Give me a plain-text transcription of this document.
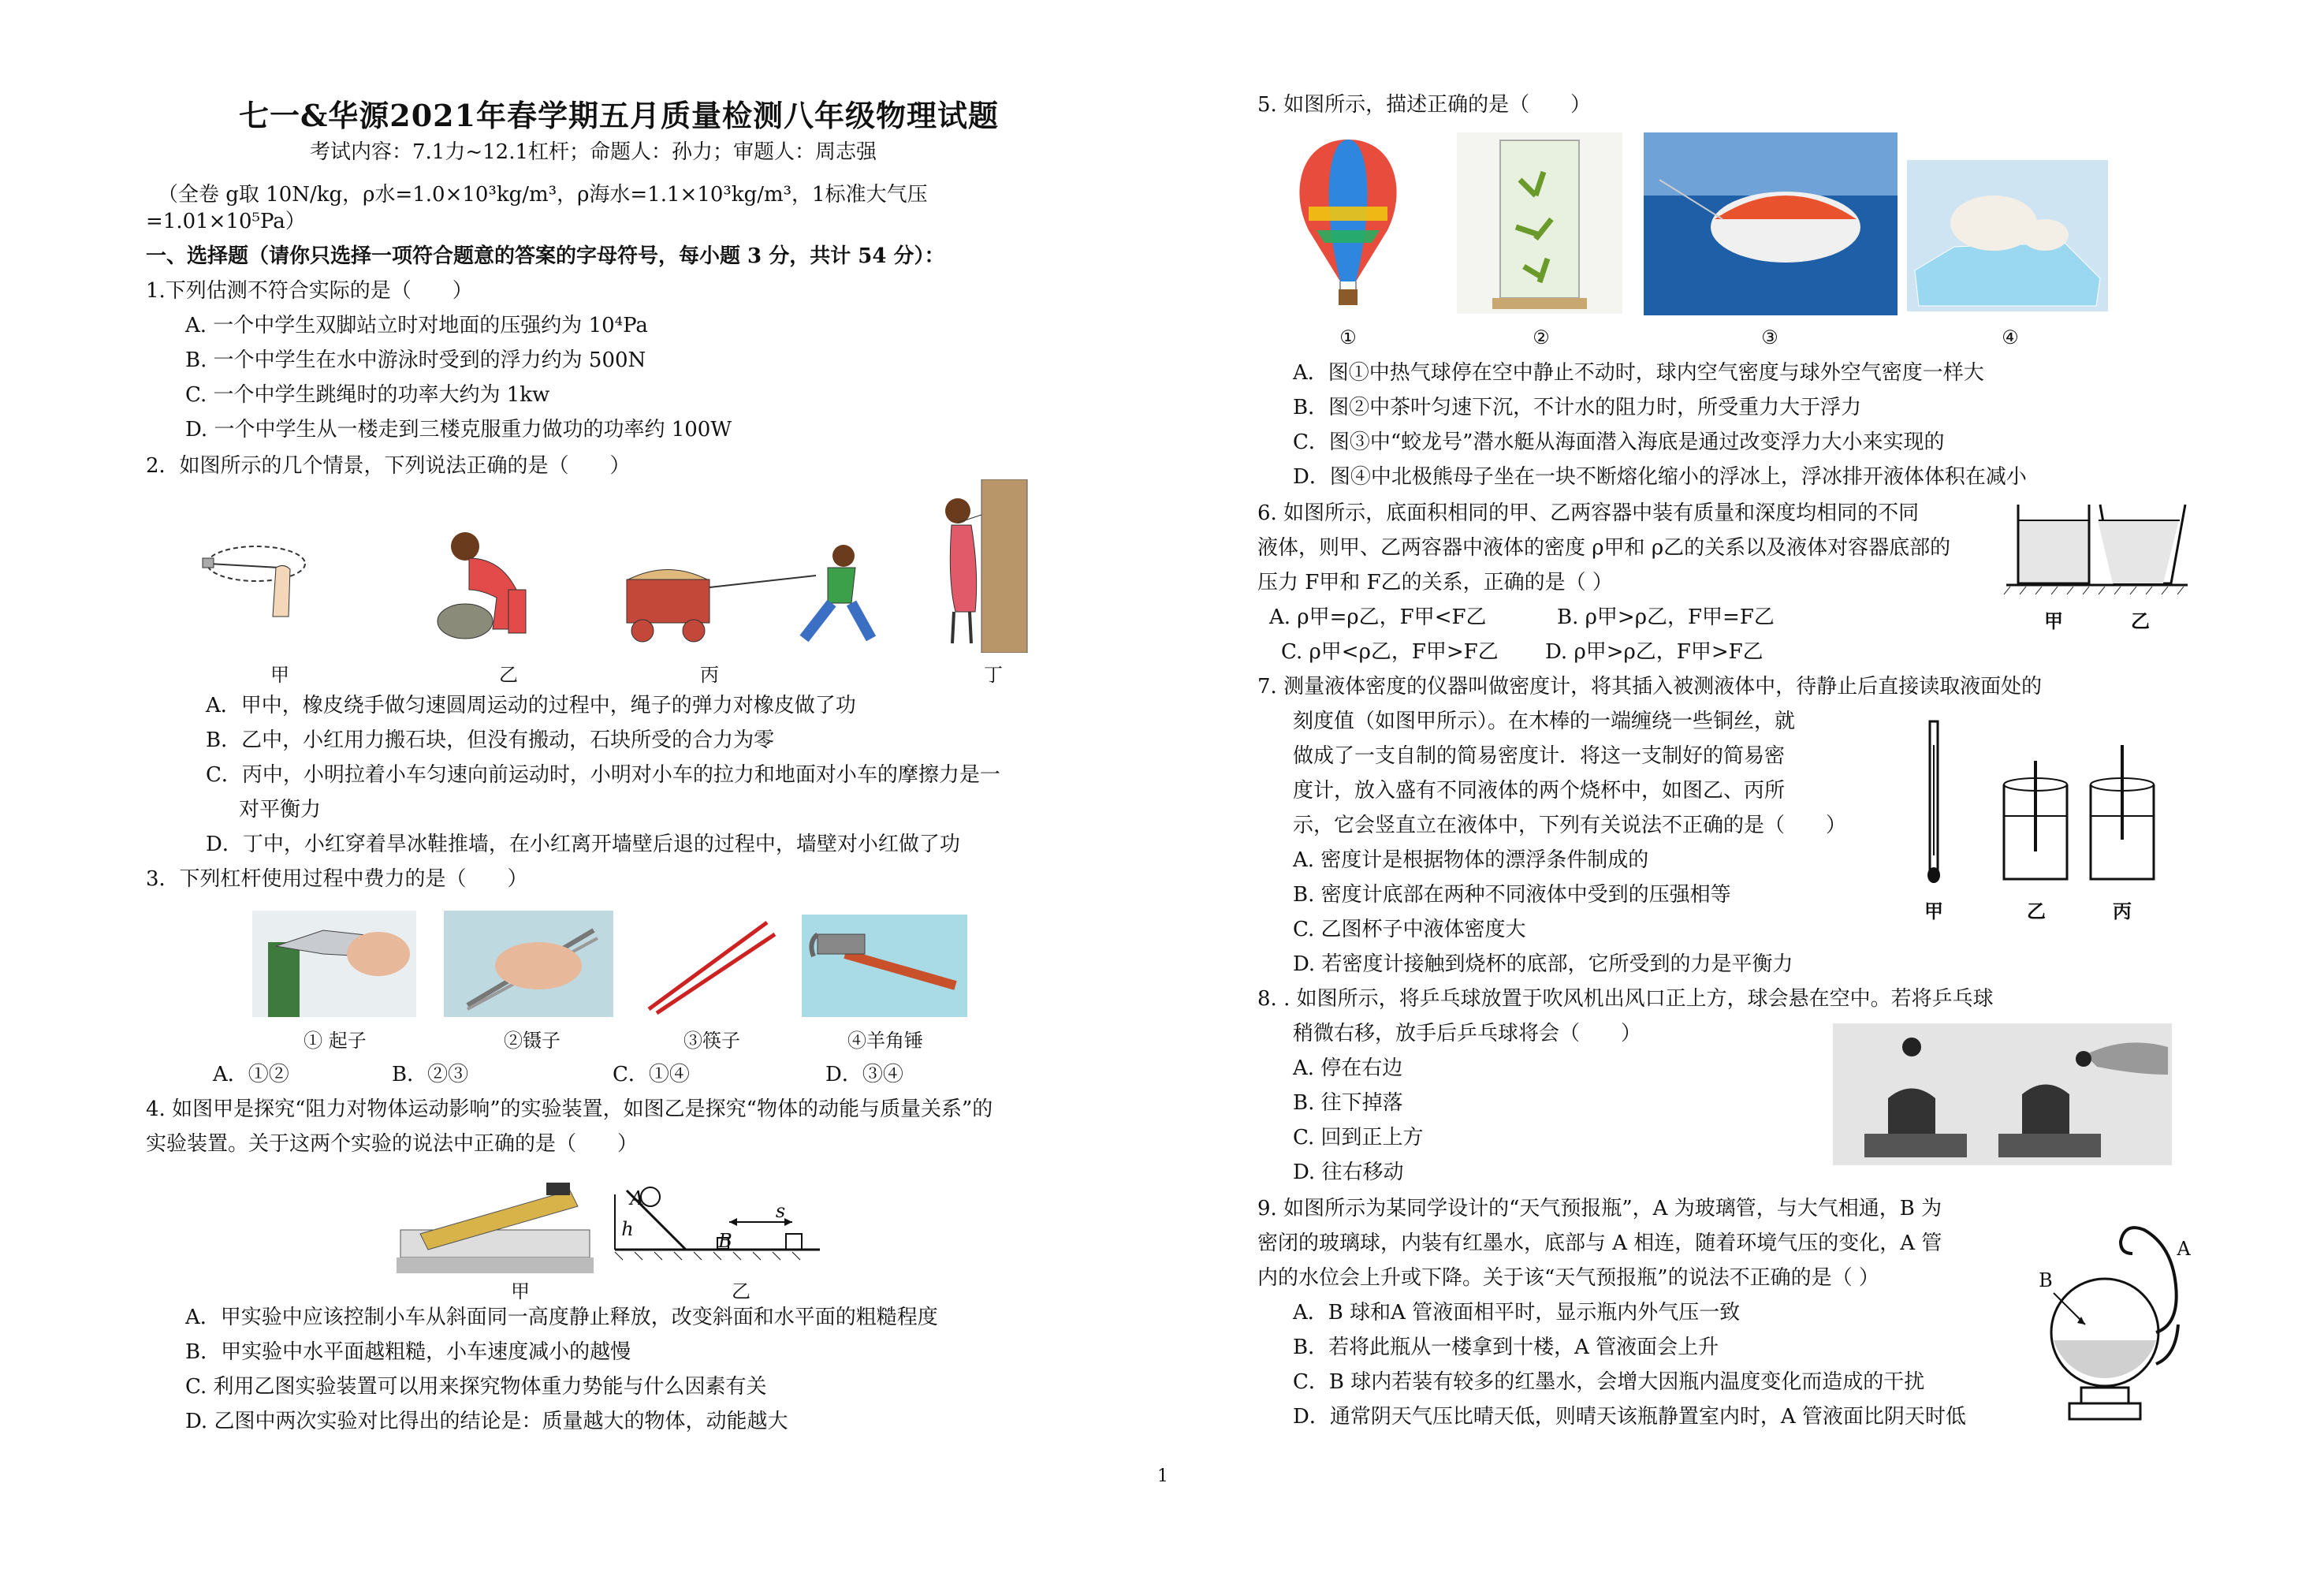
七一&华源2021年春学期五月质量检测八年级物理试题
考试内容：7.1力~12.1杠杆；命题人：孙力；审题人：周志强
（全卷 g取 10N/kg，ρ水=1.0×10³kg/m³，ρ海水=1.1×10³kg/m³，1标准大气压
=1.01×10⁵Pa）
一、选择题（请你只选择一项符合题意的答案的字母符号，每小题 3 分，共计 54 分）：
1.下列估测不符合实际的是（　　）
A. 一个中学生双脚站立时对地面的压强约为 10⁴Pa
B. 一个中学生在水中游泳时受到的浮力约为 500N
C. 一个中学生跳绳时的功率大约为 1kw
D. 一个中学生从一楼走到三楼克服重力做功的功率约 100W
2．如图所示的几个情景，下列说法正确的是（　　）
甲	乙	丙	丁
A．甲中，橡皮绕手做匀速圆周运动的过程中，绳子的弹力对橡皮做了功
B．乙中，小红用力搬石块，但没有搬动，石块所受的合力为零
C．丙中，小明拉着小车匀速向前运动时，小明对小车的拉力和地面对小车的摩擦力是一
对平衡力
D．丁中，小红穿着旱冰鞋推墙，在小红离开墙壁后退的过程中，墙壁对小红做了功
3．下列杠杆使用过程中费力的是（　　）
① 起子	②镊子	③筷子	④羊角锤
A．①②	B．②③	C．①④	D．③④
4. 如图甲是探究“阻力对物体运动影响”的实验装置，如图乙是探究“物体的动能与质量关系”的
实验装置。关于这两个实验的说法中正确的是（　　）
A
B
h
s
甲	乙
A．甲实验中应该控制小车从斜面同一高度静止释放，改变斜面和水平面的粗糙程度
B．甲实验中水平面越粗糙，小车速度减小的越慢
C. 利用乙图实验装置可以用来探究物体重力势能与什么因素有关
D. 乙图中两次实验对比得出的结论是：质量越大的物体，动能越大
5. 如图所示，描述正确的是（　　）
①	②	③	④
A．图①中热气球停在空中静止不动时，球内空气密度与球外空气密度一样大
B．图②中茶叶匀速下沉，不计水的阻力时，所受重力大于浮力
C．图③中“蛟龙号”潜水艇从海面潜入海底是通过改变浮力大小来实现的
D．图④中北极熊母子坐在一块不断熔化缩小的浮冰上，浮冰排开液体体积在减小
6. 如图所示，底面积相同的甲、乙两容器中装有质量和深度均相同的不同
液体，则甲、乙两容器中液体的密度 ρ甲和 ρ乙的关系以及液体对容器底部的
压力 F甲和 F乙的关系，正确的是（ ）
A. ρ甲=ρ乙，F甲<F乙	B. ρ甲>ρ乙，F甲=F乙
C. ρ甲<ρ乙，F甲>F乙 D. ρ甲>ρ乙，F甲>F乙
甲	乙
7. 测量液体密度的仪器叫做密度计，将其插入被测液体中，待静止后直接读取液面处的
刻度值（如图甲所示）。在木棒的一端缠绕一些铜丝，就
做成了一支自制的简易密度计．将这一支制好的简易密
度计，放入盛有不同液体的两个烧杯中，如图乙、丙所
示，它会竖直立在液体中，下列有关说法不正确的是（　　）
A. 密度计是根据物体的漂浮条件制成的
B. 密度计底部在两种不同液体中受到的压强相等
C. 乙图杯子中液体密度大
D. 若密度计接触到烧杯的底部，它所受到的力是平衡力
甲	乙	丙
8. . 如图所示，将乒乓球放置于吹风机出风口正上方，球会悬在空中。若将乒乓球
稍微右移，放手后乒乓球将会（　　）
A. 停在右边
B. 往下掉落
C. 回到正上方
D. 往右移动
9. 如图所示为某同学设计的“天气预报瓶”，A 为玻璃管，与大气相通，B 为
密闭的玻璃球，内装有红墨水，底部与 A 相连，随着环境气压的变化，A 管
内的水位会上升或下降。关于该“天气预报瓶”的说法不正确的是（ ）
A．B 球和A 管液面相平时，显示瓶内外气压一致
B．若将此瓶从一楼拿到十楼，A 管液面会上升
C．B 球内若装有较多的红墨水，会增大因瓶内温度变化而造成的干扰
D．通常阴天气压比晴天低，则晴天该瓶静置室内时，A 管液面比阴天时低
A
B
1
